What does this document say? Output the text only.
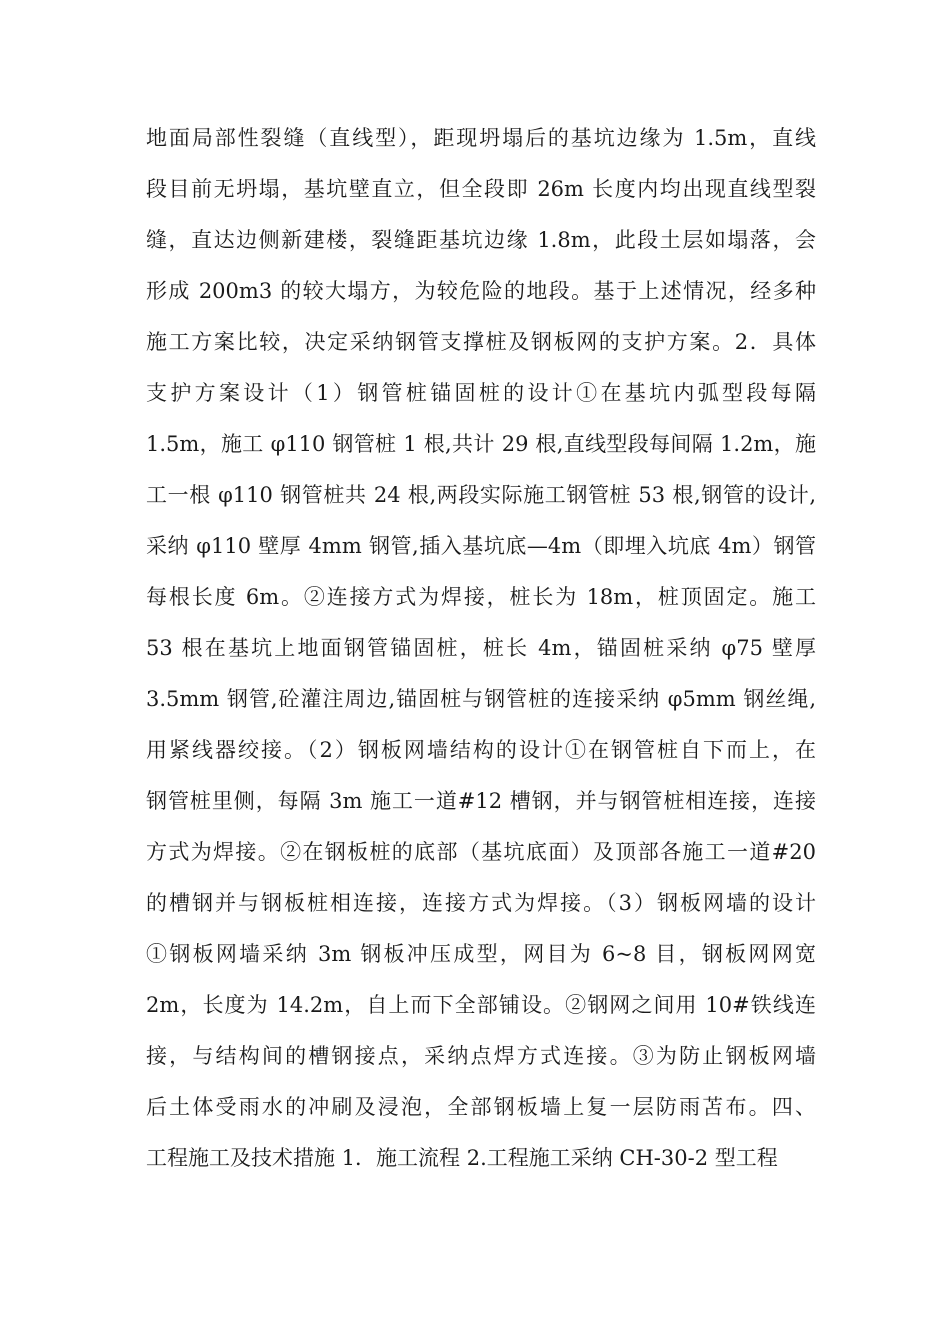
地面局部性裂缝（直线型），距现坍塌后的基坑边缘为 1.5m，直线
段目前无坍塌，基坑壁直立，但全段即 26m 长度内均出现直线型裂
缝，直达边侧新建楼，裂缝距基坑边缘 1.8m，此段土层如塌落，会
形成 200m3 的较大塌方，为较危险的地段。基于上述情况，经多种
施工方案比较，决定采纳钢管支撑桩及钢板网的支护方案。2．具体
支护方案设计（1）钢管桩锚固桩的设计①在基坑内弧型段每隔
1.5m，施工 φ110 钢管桩 1 根,共计 29 根,直线型段每间隔 1.2m，施
工一根 φ110 钢管桩共 24 根,两段实际施工钢管桩 53 根,钢管的设计,
采纳 φ110 壁厚 4mm 钢管,插入基坑底—4m（即埋入坑底 4m）钢管
每根长度 6m。②连接方式为焊接，桩长为 18m，桩顶固定。施工
53 根在基坑上地面钢管锚固桩，桩长 4m，锚固桩采纳 φ75 壁厚
3.5mm 钢管,砼灌注周边,锚固桩与钢管桩的连接采纳 φ5mm 钢丝绳,
用紧线器绞接。（2）钢板网墙结构的设计①在钢管桩自下而上，在
钢管桩里侧，每隔 3m 施工一道#12 槽钢，并与钢管桩相连接，连接
方式为焊接。②在钢板桩的底部（基坑底面）及顶部各施工一道#20
的槽钢并与钢板桩相连接，连接方式为焊接。（3）钢板网墙的设计
①钢板网墙采纳 3m 钢板冲压成型，网目为 6~8 目，钢板网网宽
2m，长度为 14.2m，自上而下全部铺设。②钢网之间用 10#铁线连
接，与结构间的槽钢接点，采纳点焊方式连接。③为防止钢板网墙
后土体受雨水的冲刷及浸泡，全部钢板墙上复一层防雨苫布。四、
工程施工及技术措施 1．施工流程 2.工程施工采纳 CH-30-2 型工程
